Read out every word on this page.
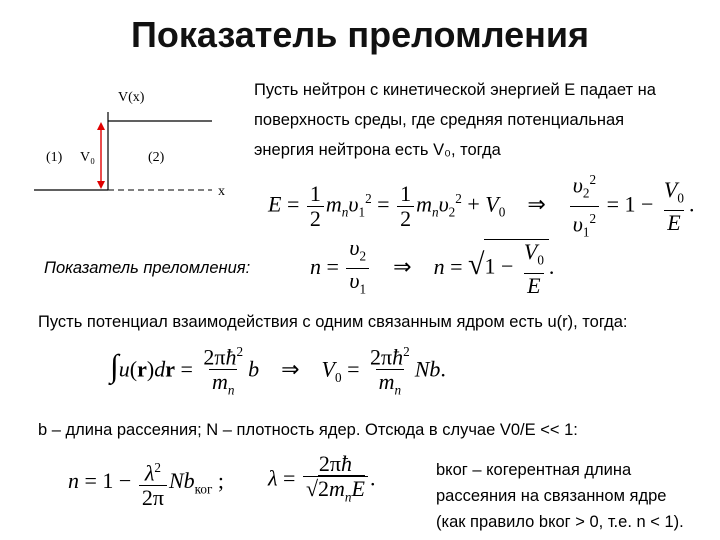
Показатель преломления
V(x)
(1)	(2)
V₀
x
Пусть нейтрон с кинетической энергией E падает на
поверхность среды, где средняя потенциальная
энергия нейтрона есть V₀, тогда
$E = \frac{1}{2} m_n\upsilon_1^2 = \frac{1}{2} m_n\upsilon_2^2 + V_0$    ⇒ $\frac{\upsilon_2^2}{\upsilon_1^2} = 1 - \frac{V_0}{E}$ .
Показатель преломления:	$n = \frac{\upsilon_2}{\upsilon_1}$ ⇒    $n = √1 - \frac{V_0}{E}$ .
Пусть потенциал взаимодействия с одним связанным ядром есть u(r), тогда:
$\int u(r)dr = \frac{2\pi ħ^2}{m_n}$ b    ⇒    $V_0 = \frac{2\pi ħ^2}{m_n} Nb$.
b – длина рассеяния; N – плотность ядер. Отсюда в случае V0/E << 1:
$n = 1 - \frac{\lambda^2}{2\pi} Nb_{ког}$ ; $\lambda = \frac{2\pi ħ}{√2m_nE}$ .	bког – когерентная длина
рассеяния на связанном ядре
(как правило bког > 0, т.е. n < 1).
